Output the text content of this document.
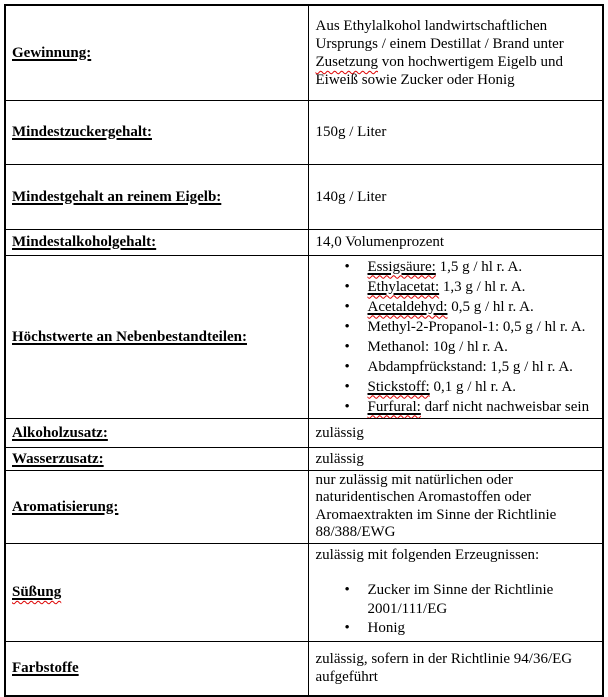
Gewinnung:	Aus Ethylalkohol landwirtschaftlichen Ursprungs / einem Destillat / Brand unter Zusetzung von hochwertigem Eigelb und Eiweiß sowie Zucker oder Honig
Mindestzuckergehalt:	150g / Liter
Mindestgehalt an reinem Eigelb:	140g / Liter
Mindestalkoholgehalt:	14,0 Volumenprozent
Höchstwerte an Nebenbestandteilen:	
•	Essigsäure: 1,5 g / hl r. A.
•	Ethylacetat: 1,3 g / hl r. A.
•	Acetaldehyd: 0,5 g / hl r. A.
•	Methyl-2-Propanol-1: 0,5 g / hl r. A.
•	Methanol: 10g / hl r. A.
•	Abdampfrückstand: 1,5 g / hl r. A.
•	Stickstoff: 0,1 g / hl r. A.
•	Furfural: darf nicht nachweisbar sein

Alkoholzusatz:	zulässig
Wasserzusatz:	zulässig
Aromatisierung:	nur zulässig mit natürlichen oder naturidentischen Aromastoffen oder Aromaextrakten im Sinne der Richtlinie 88/388/EWG
Süßung	zulässig mit folgenden Erzeugnissen:
• Zucker im Sinne der Richtlinie 2001/111/EG
• Honig

Farbstoffe	zulässig, sofern in der Richtlinie 94/36/EG aufgeführt
